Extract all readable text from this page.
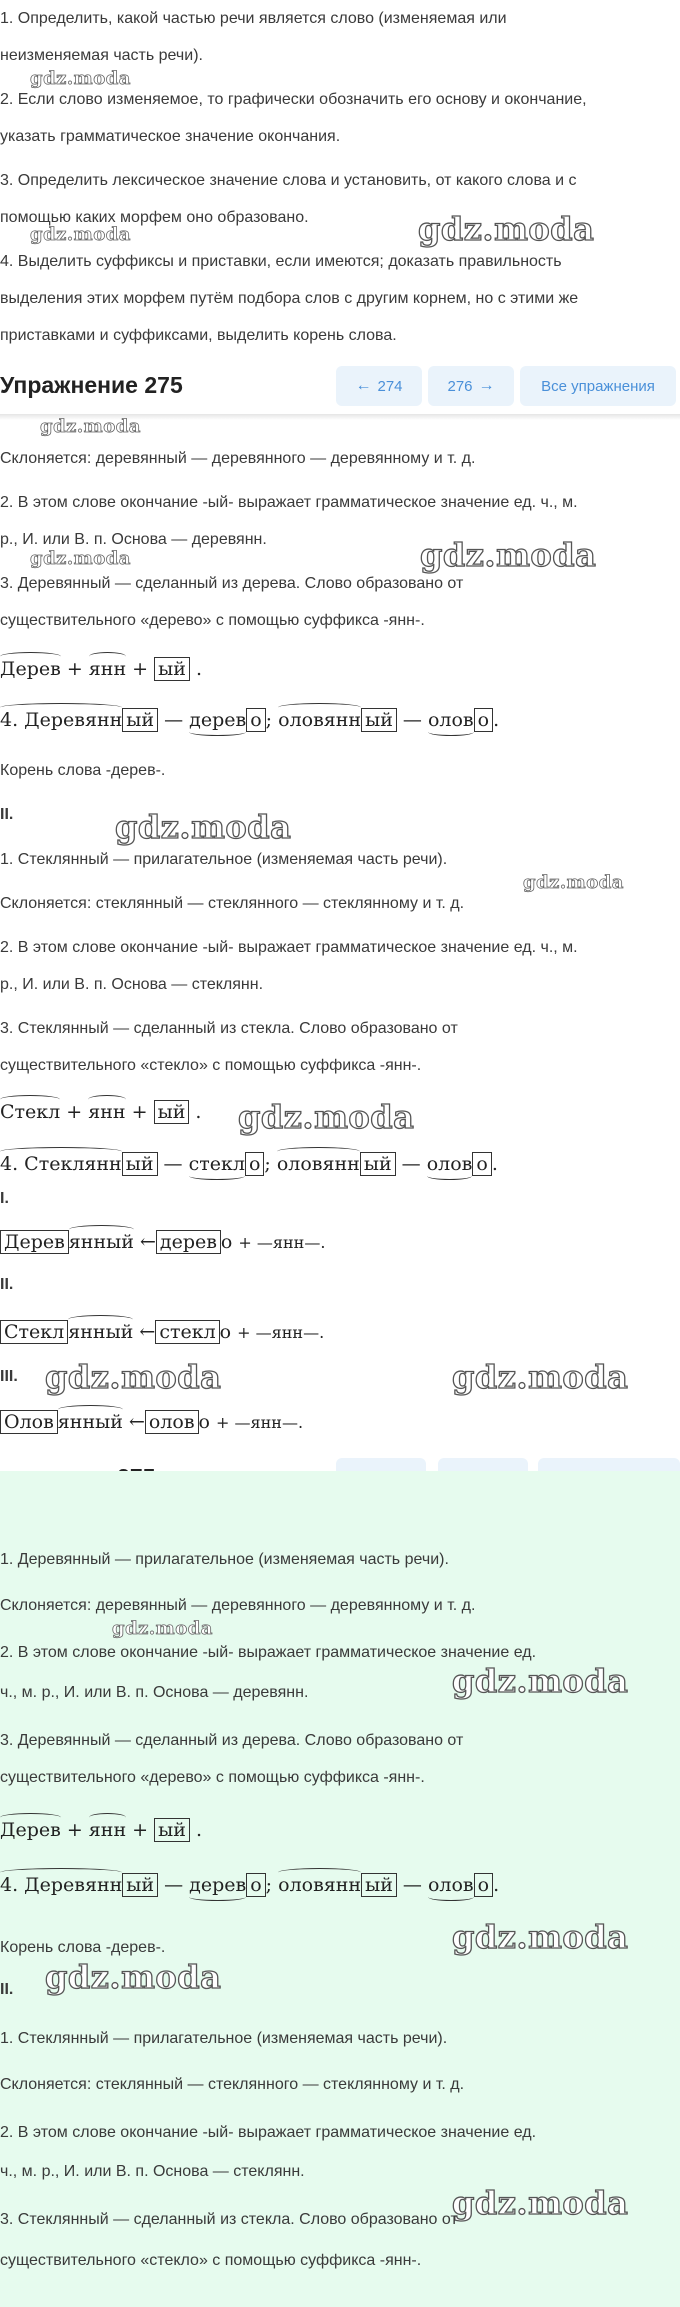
1. Определить, какой частью речи является слово (изменяемая или
неизменяемая часть речи).
2. Если слово изменяемое, то графически обозначить его основу и окончание,
указать грамматическое значение окончания.
3. Определить лексическое значение слова и установить, от какого слова и с
помощью каких морфем оно образовано.
4. Выделить суффиксы и приставки, если имеются; доказать правильность
выделения этих морфем путём подбора слов с другим корнем, но с этими же
приставками и суффиксами, выделить корень слова.
gdz.moda
gdz.moda	gdz.moda
Упражнение 275	← 274	276 →	Все упражнения
gdz.moda
Склоняется: деревянный — деревянного — деревянному и т. д.
2. В этом слове окончание -ый- выражает грамматическое значение ед. ч., м.
р., И. или В. п. Основа — деревянн.
gdz.moda	gdz.moda
3. Деревянный — сделанный из дерева. Слово образовано от
существительного «дерево» с помощью суффикса -янн-.
Дерев + янн + ый .
4. Деревянн ый — дерев о ; оловянн ый — олов о .
Корень слова -дерев-.
II.	gdz.moda
1. Стеклянный — прилагательное (изменяемая часть речи).
gdz.moda
Склоняется: стеклянный — стеклянного — стеклянному и т. д.
2. В этом слове окончание -ый- выражает грамматическое значение ед. ч., м.
р., И. или В. п. Основа — стеклянн.
3. Стеклянный — сделанный из стекла. Слово образовано от
существительного «стекло» с помощью суффикса -янн-.
Стекл + янн + ый . gdz.moda
4. Стеклянн ый — стекл о ; оловянн ый — олов о .
I.
Дерев янный ← дерев о + —янн—.
II.
Стекл янный ← стекл о + —янн—.
III. gdz.moda	gdz.moda
Олов янный ← олов о + —янн—.
1. Деревянный — прилагательное (изменяемая часть речи).
Склоняется: деревянный — деревянного — деревянному и т. д.
gdz.moda
2. В этом слове окончание -ый- выражает грамматическое значение ед.
gdz.moda
ч., м. р., И. или В. п. Основа — деревянн.
3. Деревянный — сделанный из дерева. Слово образовано от
существительного «дерево» с помощью суффикса -янн-.
Дерев + янн + ый .
4. Деревянн ый — дерев о ; оловянн ый — олов о .
gdz.moda
Корень слова -дерев-.
II. gdz.moda
1. Стеклянный — прилагательное (изменяемая часть речи).
Склоняется: стеклянный — стеклянного — стеклянному и т. д.
2. В этом слове окончание -ый- выражает грамматическое значение ед.
ч., м. р., И. или В. п. Основа — стеклянн.
gdz.moda
3. Стеклянный — сделанный из стекла. Слово образовано от
существительного «стекло» с помощью суффикса -янн-.
